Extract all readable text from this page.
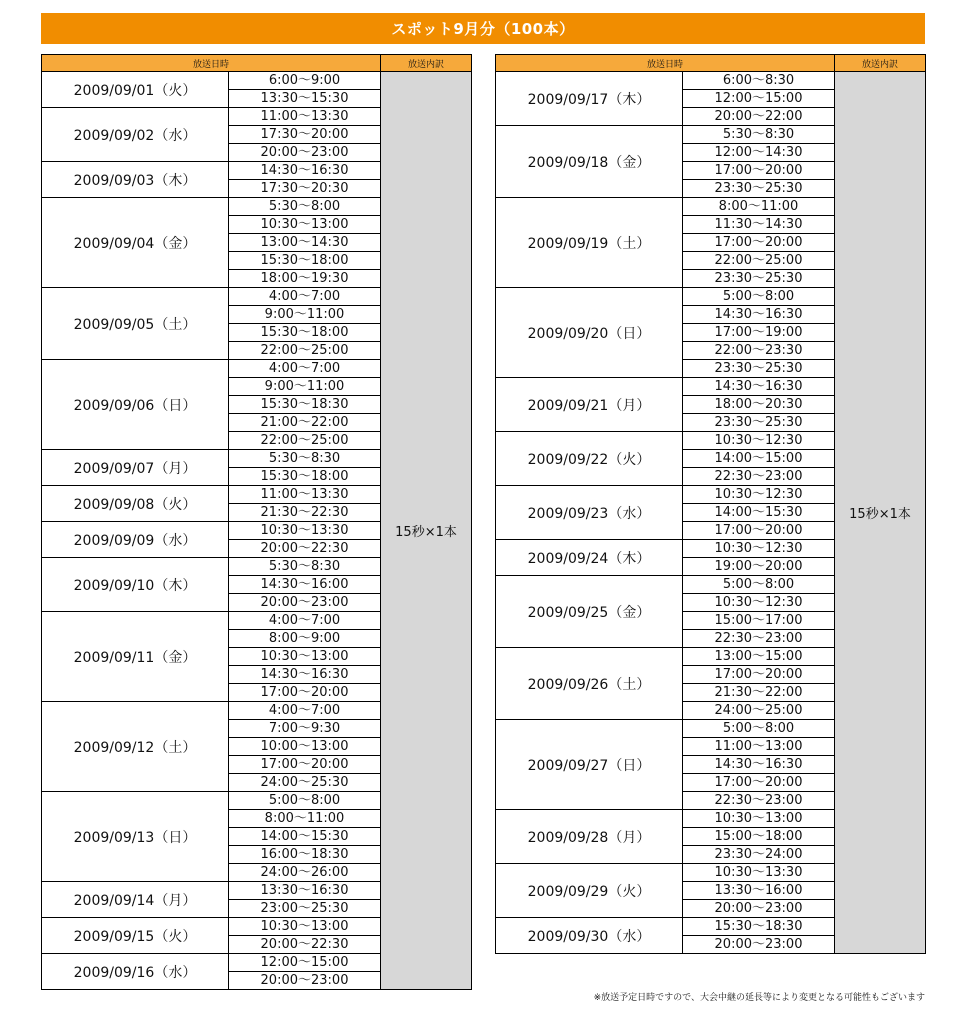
スポット9月分（100本）
放送日時		放送内訳
2009/09/01（火）	6:00～9:00	15秒×1本
	13:30～15:30	
2009/09/02（水）	11:00～13:30	
	17:30～20:00	
	20:00～23:00	
2009/09/03（木）	14:30～16:30	
	17:30～20:30	
2009/09/04（金）	5:30～8:00	
	10:30～13:00	
	13:00～14:30	
	15:30～18:00	
	18:00～19:30	
2009/09/05（土）	4:00～7:00	
	9:00～11:00	
	15:30～18:00	
	22:00～25:00	
2009/09/06（日）	4:00～7:00	
	9:00～11:00	
	15:30～18:30	
	21:00～22:00	
	22:00～25:00	
2009/09/07（月）	5:30～8:30	
	15:30～18:00	
2009/09/08（火）	11:00～13:30	
	21:30～22:30	
2009/09/09（水）	10:30～13:30	
	20:00～22:30	
2009/09/10（木）	5:30～8:30	
	14:30～16:00	
	20:00～23:00	
2009/09/11（金）	4:00～7:00	
	8:00～9:00	
	10:30～13:00	
	14:30～16:30	
	17:00～20:00	
2009/09/12（土）	4:00～7:00	
	7:00～9:30	
	10:00～13:00	
	17:00～20:00	
	24:00～25:30	
2009/09/13（日）	5:00～8:00	
	8:00～11:00	
	14:00～15:30	
	16:00～18:30	
	24:00～26:00	
2009/09/14（月）	13:30～16:30	
	23:00～25:30	
2009/09/15（火）	10:30～13:00	
	20:00～22:30	
2009/09/16（水）	12:00～15:00	
	20:00～23:00	
放送日時		放送内訳
2009/09/17（木）	6:00～8:30	15秒×1本
	12:00～15:00	
	20:00～22:00	
2009/09/18（金）	5:30～8:30	
	12:00～14:30	
	17:00～20:00	
	23:30～25:30	
2009/09/19（土）	8:00～11:00	
	11:30～14:30	
	17:00～20:00	
	22:00～25:00	
	23:30～25:30	
2009/09/20（日）	5:00～8:00	
	14:30～16:30	
	17:00～19:00	
	22:00～23:30	
	23:30～25:30	
2009/09/21（月）	14:30～16:30	
	18:00～20:30	
	23:30～25:30	
2009/09/22（火）	10:30～12:30	
	14:00～15:00	
	22:30～23:00	
2009/09/23（水）	10:30～12:30	
	14:00～15:30	
	17:00～20:00	
2009/09/24（木）	10:30～12:30	
	19:00～20:00	
2009/09/25（金）	5:00～8:00	
	10:30～12:30	
	15:00～17:00	
	22:30～23:00	
2009/09/26（土）	13:00～15:00	
	17:00～20:00	
	21:30～22:00	
	24:00～25:00	
2009/09/27（日）	5:00～8:00	
	11:00～13:00	
	14:30～16:30	
	17:00～20:00	
	22:30～23:00	
2009/09/28（月）	10:30～13:00	
	15:00～18:00	
	23:30～24:00	
2009/09/29（火）	10:30～13:30	
	13:30～16:00	
	20:00～23:00	
2009/09/30（水）	15:30～18:30	
	20:00～23:00	
※放送予定日時ですので、大会中継の延長等により変更となる可能性もございます
